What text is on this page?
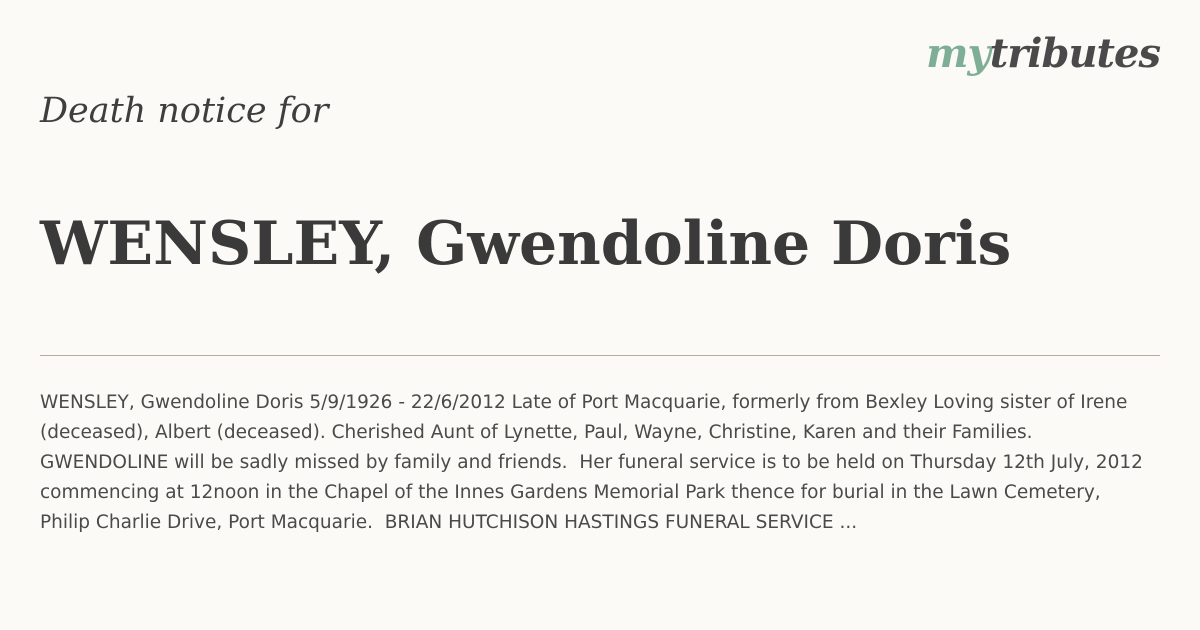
mytributes
Death notice for
WENSLEY, Gwendoline Doris

WENSLEY, Gwendoline Doris 5/9/1926 - 22/6/2012 Late of Port Macquarie, formerly from Bexley Loving sister of Irene (deceased), Albert (deceased). Cherished Aunt of Lynette, Paul, Wayne, Christine, Karen and their Families.  GWENDOLINE will be sadly missed by family and friends.  Her funeral service is to be held on Thursday 12th July, 2012 commencing at 12noon in the Chapel of the Innes Gardens Memorial Park thence for burial in the Lawn Cemetery, Philip Charlie Drive, Port Macquarie.  BRIAN HUTCHISON HASTINGS FUNERAL SERVICE ...
